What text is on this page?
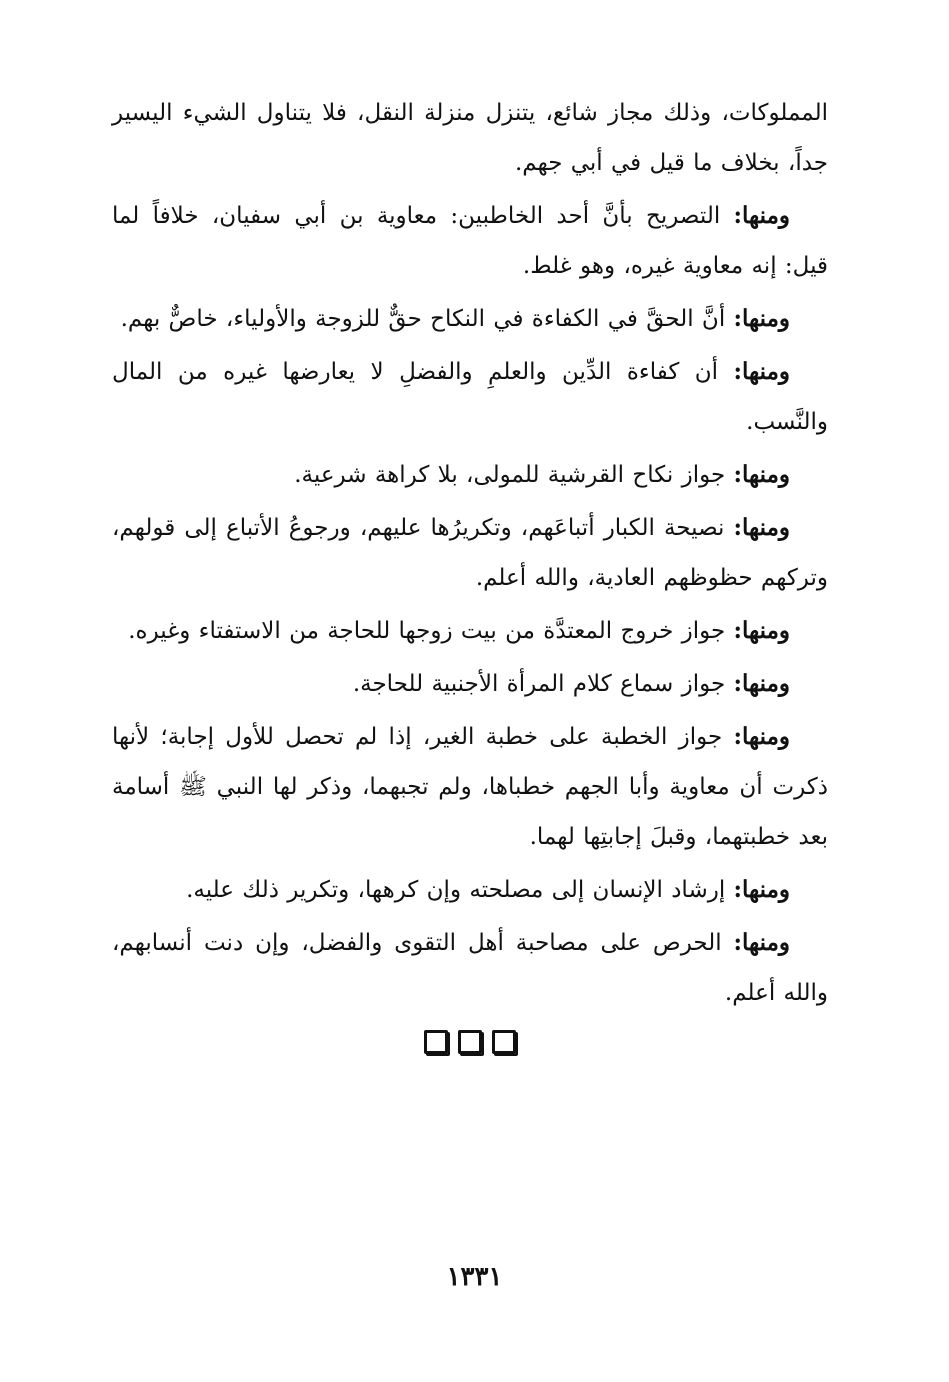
المملوكات، وذلك مجاز شائع، يتنزل منزلة النقل، فلا يتناول الشيء اليسير جداً، بخلاف ما قيل في أبي جهم.

ومنها: التصريح بأنَّ أحد الخاطبين: معاوية بن أبي سفيان، خلافاً لما قيل: إنه معاوية غيره، وهو غلط.

ومنها: أنَّ الحقَّ في الكفاءة في النكاح حقٌّ للزوجة والأولياء، خاصٌّ بهم.

ومنها: أن كفاءة الدِّين والعلمِ والفضلِ لا يعارضها غيره من المال والنَّسب.

ومنها: جواز نكاح القرشية للمولى، بلا كراهة شرعية.

ومنها: نصيحة الكبار أتباعَهم، وتكريرُها عليهم، ورجوعُ الأتباع إلى قولهم، وتركهم حظوظهم العادية، والله أعلم.

ومنها: جواز خروج المعتدَّة من بيت زوجها للحاجة من الاستفتاء وغيره.

ومنها: جواز سماع كلام المرأة الأجنبية للحاجة.

ومنها: جواز الخطبة على خطبة الغير، إذا لم تحصل للأول إجابة؛ لأنها ذكرت أن معاوية وأبا الجهم خطباها، ولم تجبهما، وذكر لها النبي ﷺ أسامة بعد خطبتهما، وقبلَ إجابتِها لهما.

ومنها: إرشاد الإنسان إلى مصلحته وإن كرهها، وتكرير ذلك عليه.

ومنها: الحرص على مصاحبة أهل التقوى والفضل، وإن دنت أنسابهم، والله أعلم.

١٣٣١
